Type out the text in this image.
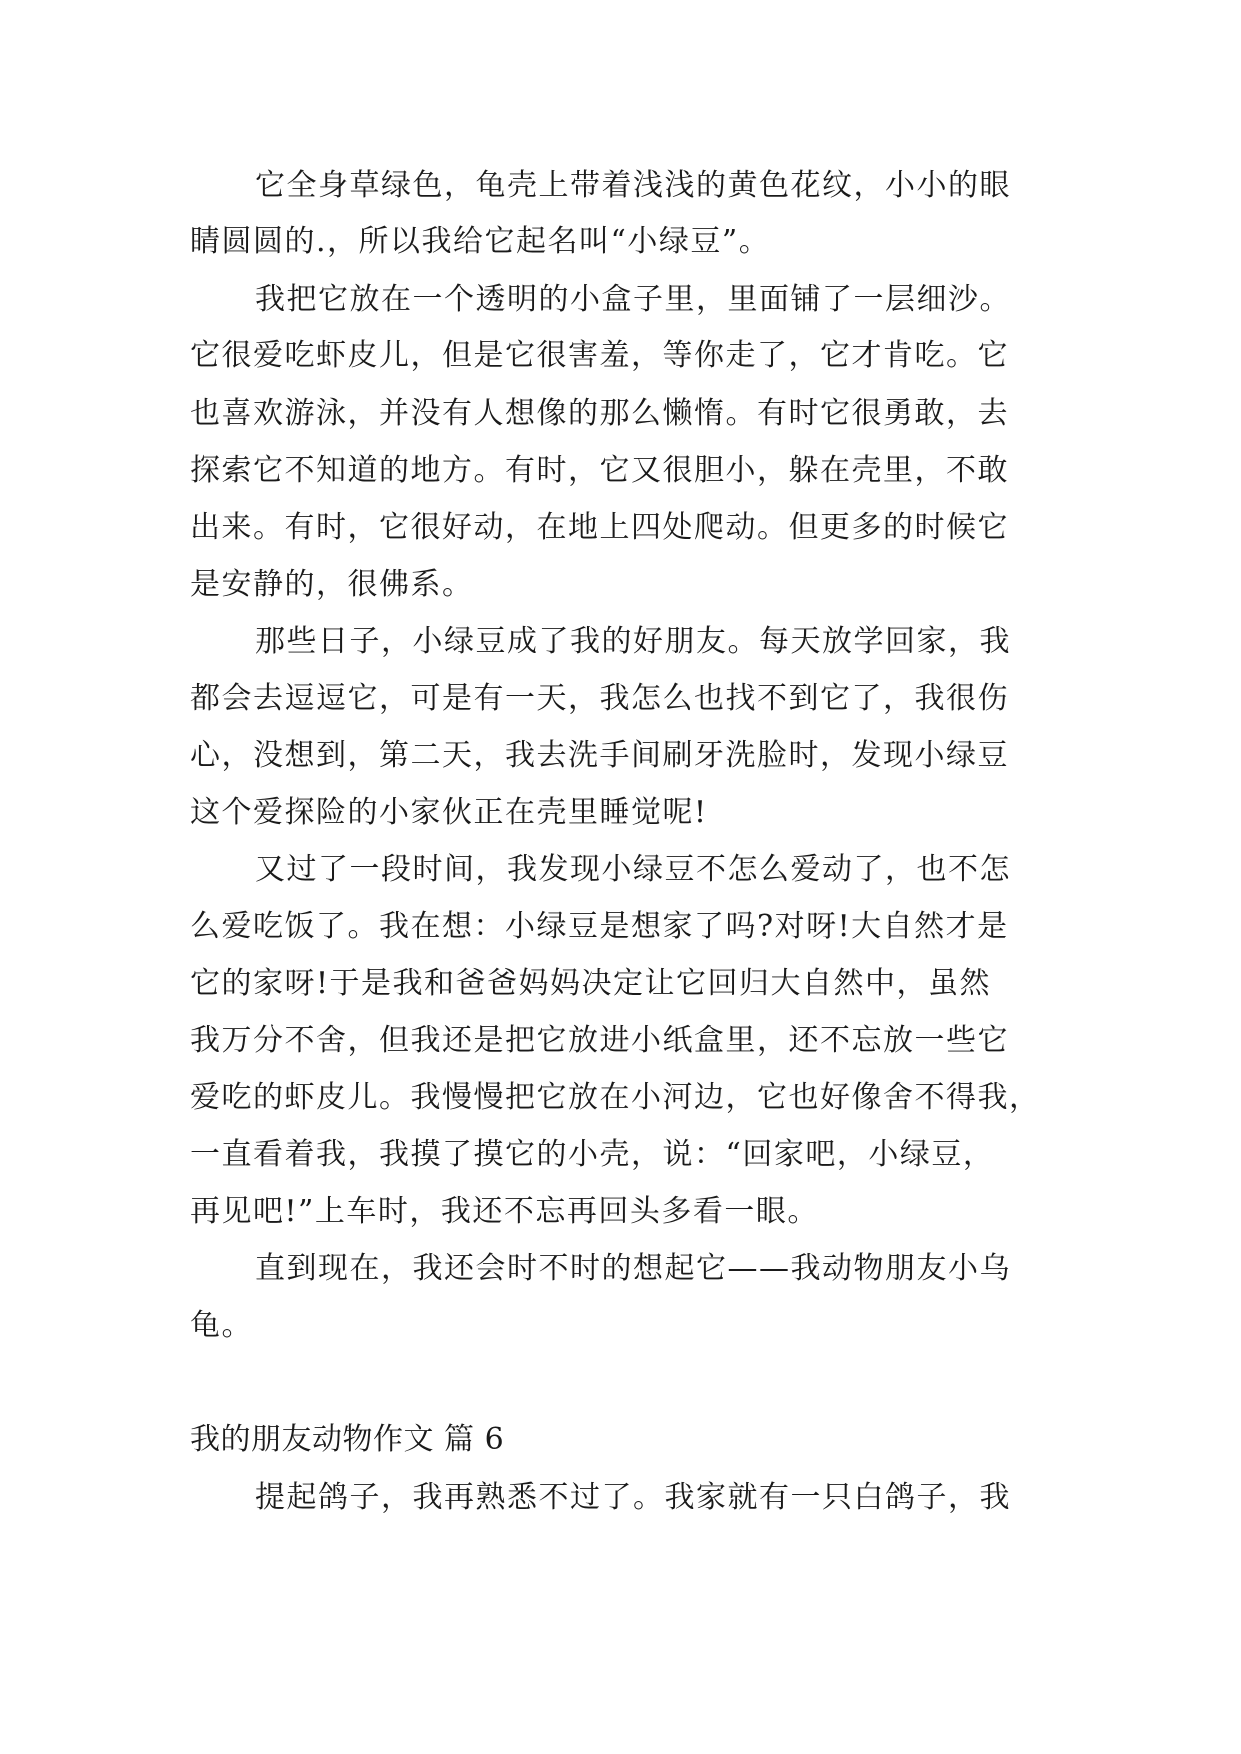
它全身草绿色，龟壳上带着浅浅的黄色花纹，小小的眼
睛圆圆的.，所以我给它起名叫“小绿豆”。
我把它放在一个透明的小盒子里，里面铺了一层细沙。
它很爱吃虾皮儿，但是它很害羞，等你走了，它才肯吃。它
也喜欢游泳，并没有人想像的那么懒惰。有时它很勇敢，去
探索它不知道的地方。有时，它又很胆小，躲在壳里，不敢
出来。有时，它很好动，在地上四处爬动。但更多的时候它
是安静的，很佛系。
那些日子，小绿豆成了我的好朋友。每天放学回家，我
都会去逗逗它，可是有一天，我怎么也找不到它了，我很伤
心，没想到，第二天，我去洗手间刷牙洗脸时，发现小绿豆
这个爱探险的小家伙正在壳里睡觉呢!
又过了一段时间，我发现小绿豆不怎么爱动了，也不怎
么爱吃饭了。我在想：小绿豆是想家了吗?对呀!大自然才是
它的家呀!于是我和爸爸妈妈决定让它回归大自然中，虽然
我万分不舍，但我还是把它放进小纸盒里，还不忘放一些它
爱吃的虾皮儿。我慢慢把它放在小河边，它也好像舍不得我，
一直看着我，我摸了摸它的小壳，说：“回家吧，小绿豆，
再见吧!”上车时，我还不忘再回头多看一眼。
直到现在，我还会时不时的想起它——我动物朋友小乌
龟。
我的朋友动物作文 篇 6
提起鸽子，我再熟悉不过了。我家就有一只白鸽子，我
